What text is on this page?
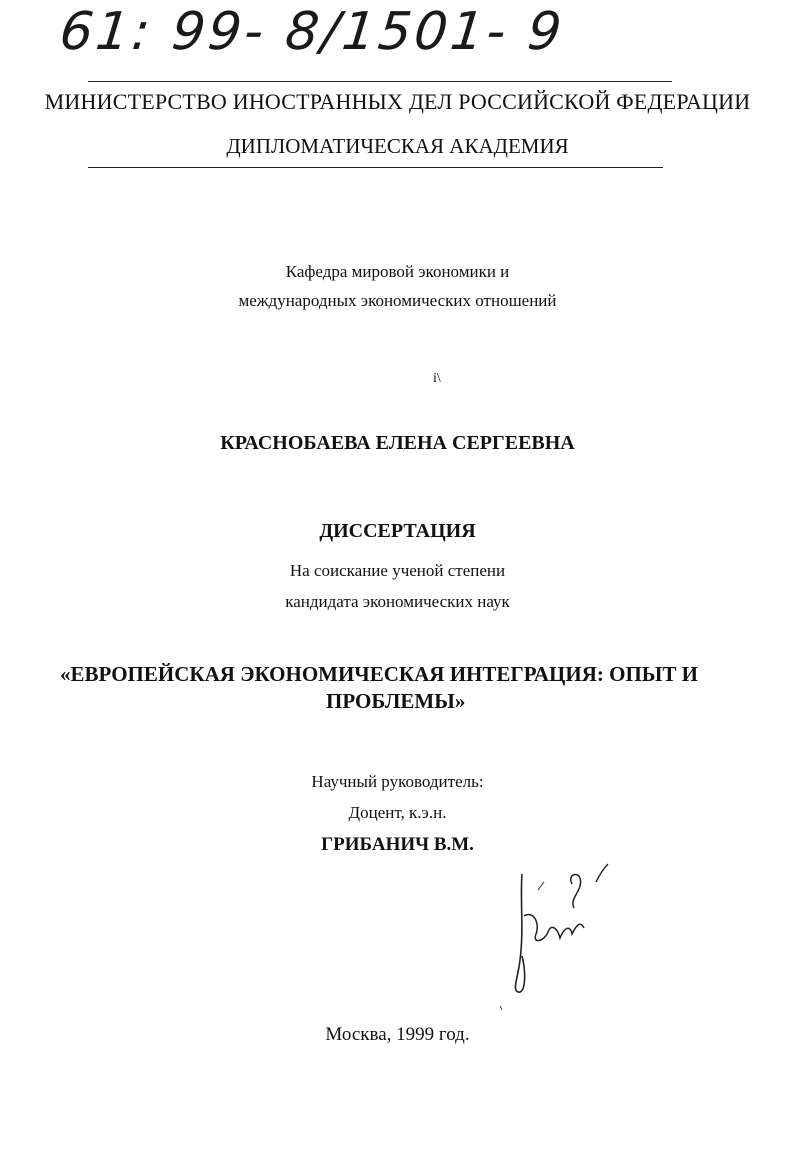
61: 99- 8/1501- 9
МИНИСТЕРСТВО ИНОСТРАННЫХ ДЕЛ РОССИЙСКОЙ ФЕДЕРАЦИИ
ДИПЛОМАТИЧЕСКАЯ АКАДЕМИЯ
Кафедра мировой экономики и
международных экономических отношений
i\
КРАСНОБАЕВА ЕЛЕНА СЕРГЕЕВНА
ДИССЕРТАЦИЯ
На соискание ученой степени
кандидата экономических наук
«ЕВРОПЕЙСКАЯ ЭКОНОМИЧЕСКАЯ ИНТЕГРАЦИЯ: ОПЫТ И
ПРОБЛЕМЫ»
Научный руководитель:
Доцент, к.э.н.
ГРИБАНИЧ В.М.
Москва, 1999 год.
